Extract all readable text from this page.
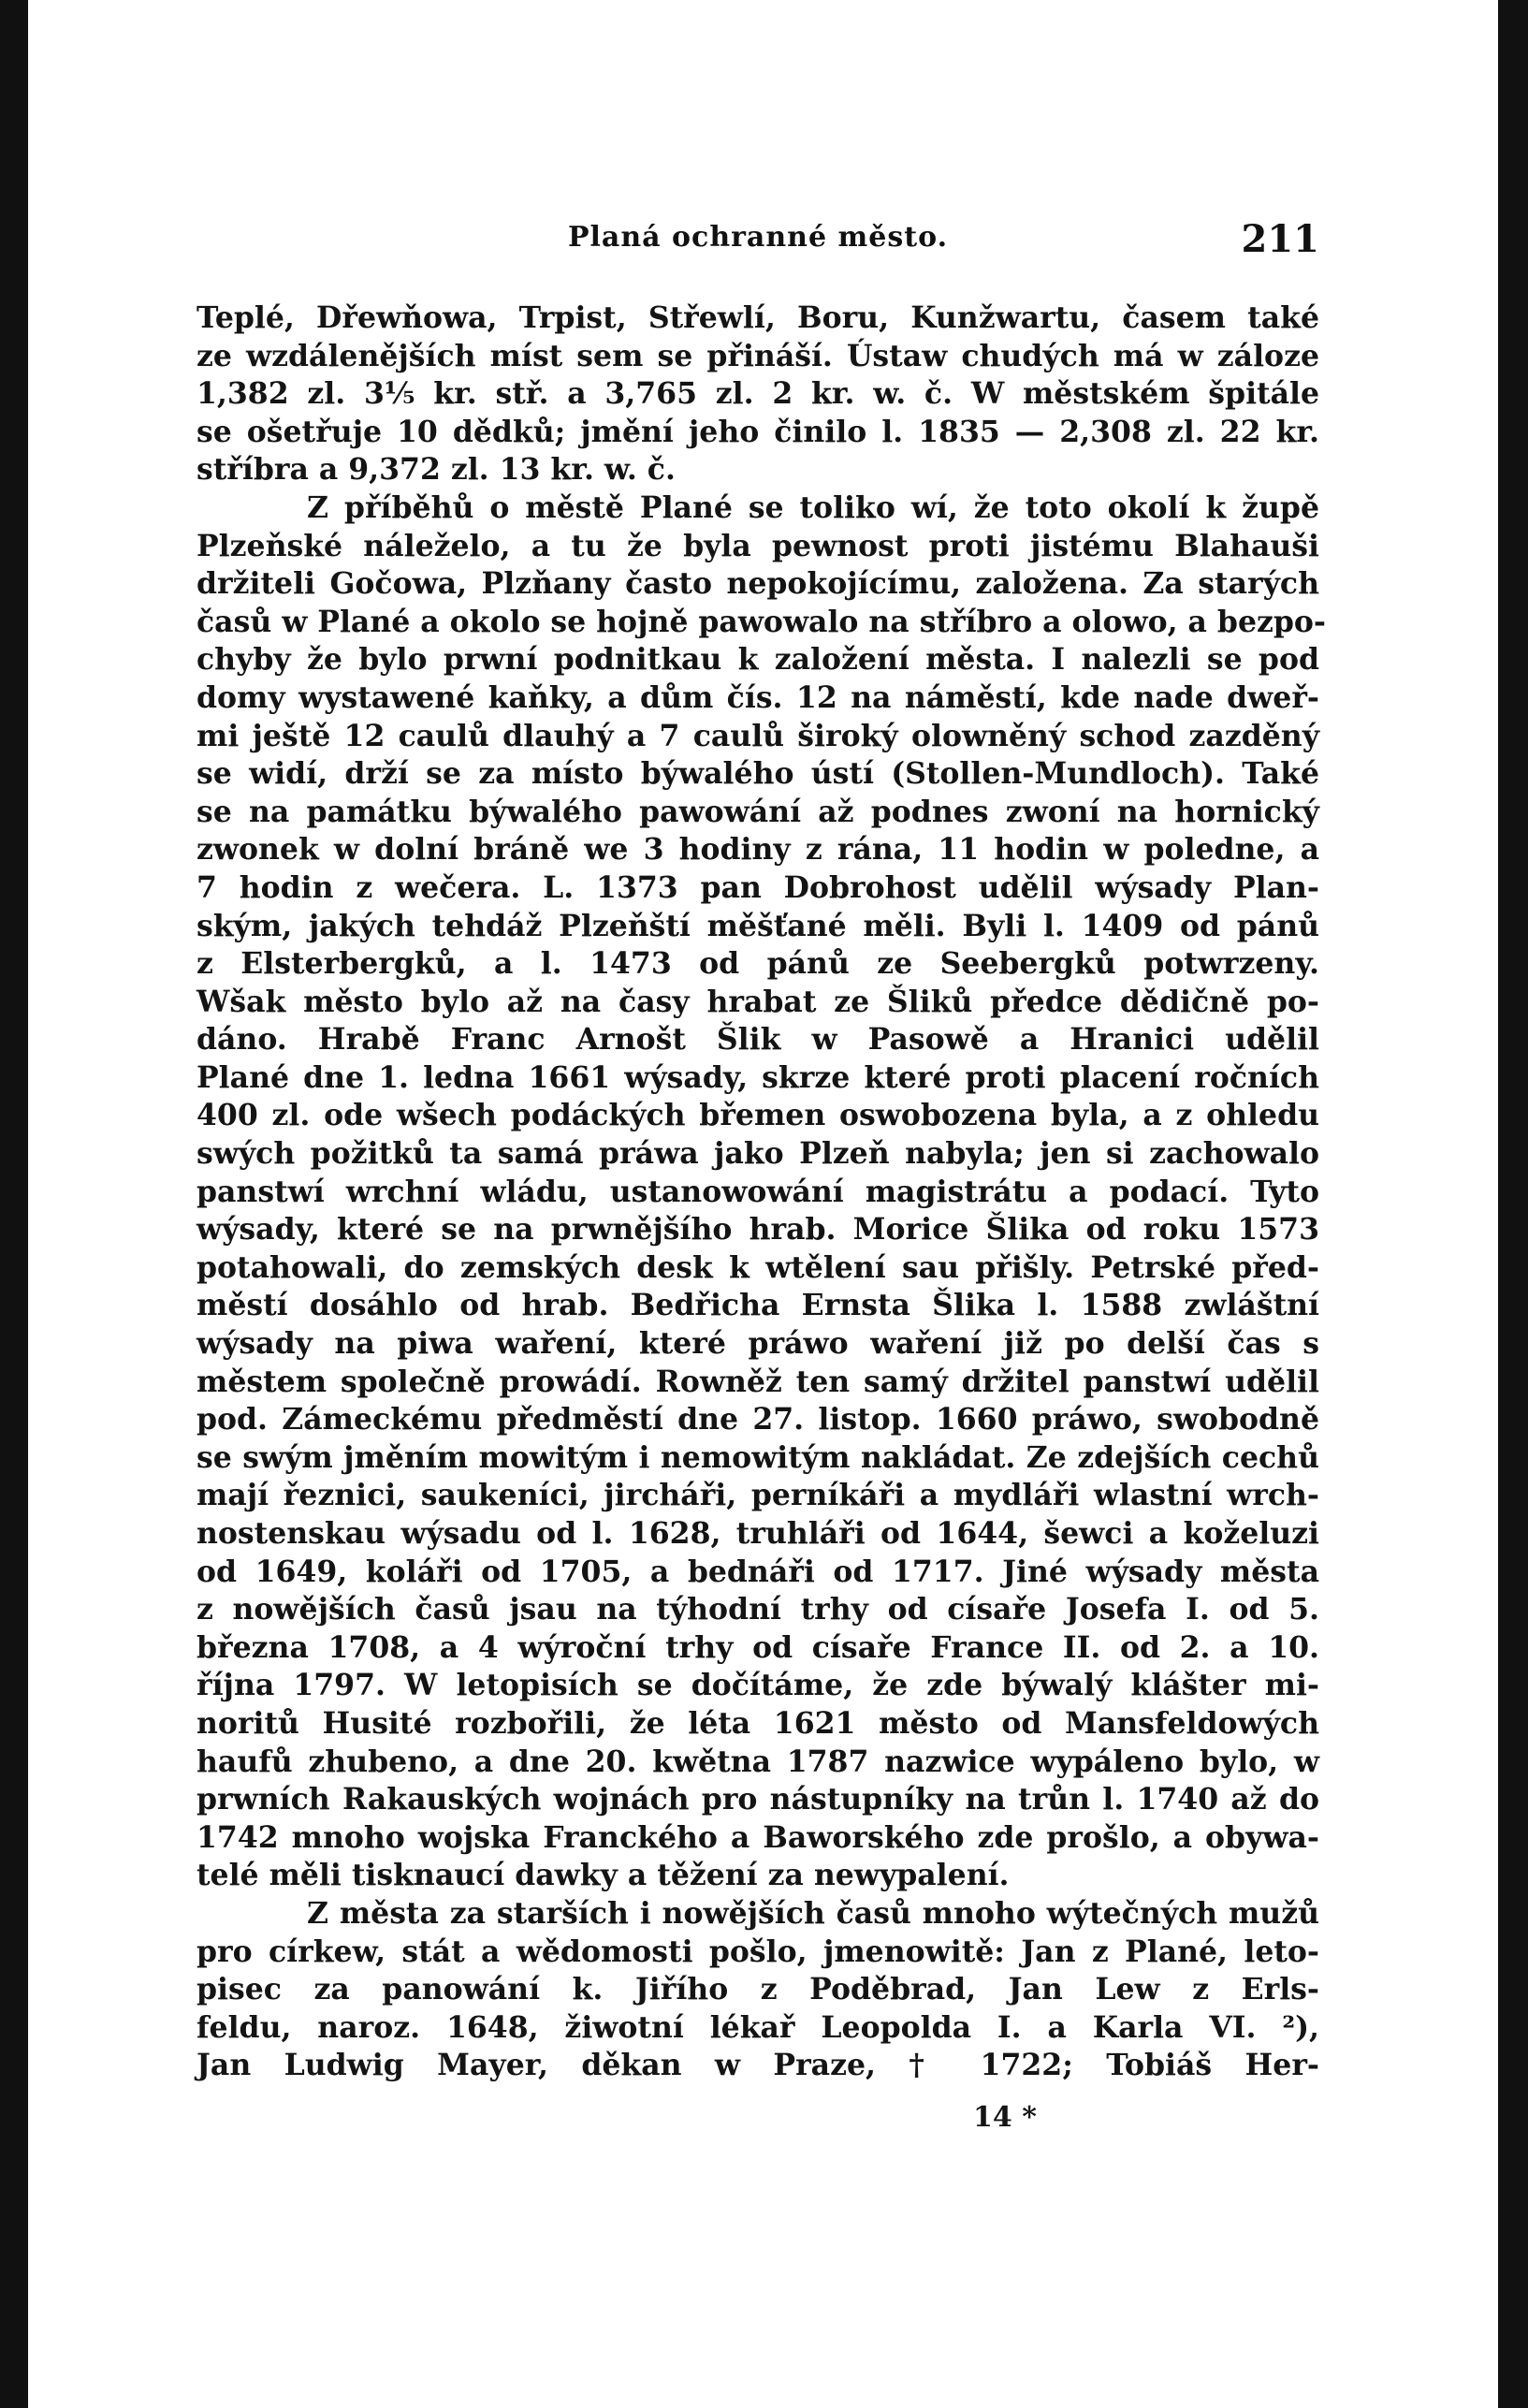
Planá ochranné město.	211
Teplé, Dřewňowa, Trpist, Střewlí, Boru, Kunžwartu, časem také
ze wzdálenějších míst sem se přináší. Ústaw chudých má w záloze
1,382 zl. 3⅕ kr. stř. a 3,765 zl. 2 kr. w. č. W městském špitále
se ošetřuje 10 dědků; jmění jeho činilo l. 1835 — 2,308 zl. 22 kr.
stříbra a 9,372 zl. 13 kr. w. č.
Z příběhů o městě Plané se toliko wí, že toto okolí k župě
Plzeňské náleželo, a tu že byla pewnost proti jistému Blahauši
držiteli Gočowa, Plzňany často nepokojícímu, založena. Za starých
časů w Plané a okolo se hojně pawowalo na stříbro a olowo, a bezpo-
chyby že bylo prwní podnitkau k založení města. I nalezli se pod
domy wystawené kaňky, a dům čís. 12 na náměstí, kde nade dweř-
mi ještě 12 caulů dlauhý a 7 caulů široký olowněný schod zazděný
se widí, drží se za místo býwalého ústí (Stollen-Mundloch). Také
se na památku býwalého pawowání až podnes zwoní na hornický
zwonek w dolní bráně we 3 hodiny z rána, 11 hodin w poledne, a
7 hodin z wečera. L. 1373 pan Dobrohost udělil wýsady Plan-
ským, jakých tehdáž Plzeňští měšťané měli. Byli l. 1409 od pánů
z Elsterbergků, a l. 1473 od pánů ze Seebergků potwrzeny.
Wšak město bylo až na časy hrabat ze Šliků předce dědičně po-
dáno. Hrabě Franc Arnošt Šlik w Pasowě a Hranici udělil
Plané dne 1. ledna 1661 wýsady, skrze které proti placení ročních
400 zl. ode wšech podáckých břemen oswobozena byla, a z ohledu
swých požitků ta samá práwa jako Plzeň nabyla; jen si zachowalo
panstwí wrchní wládu, ustanowowání magistrátu a podací. Tyto
wýsady, které se na prwnějšího hrab. Morice Šlika od roku 1573
potahowali, do zemských desk k wtělení sau přišly. Petrské před-
městí dosáhlo od hrab. Bedřicha Ernsta Šlika l. 1588 zwláštní
wýsady na piwa waření, které práwo waření již po delší čas s
městem společně prowádí. Rowněž ten samý držitel panstwí udělil
pod. Zámeckému předměstí dne 27. listop. 1660 práwo, swobodně
se swým jměním mowitým i nemowitým nakládat. Ze zdejších cechů
mají řeznici, saukeníci, jircháři, perníkáři a mydláři wlastní wrch-
nostenskau wýsadu od l. 1628, truhláři od 1644, šewci a koželuzi
od 1649, koláři od 1705, a bednáři od 1717. Jiné wýsady města
z nowějších časů jsau na týhodní trhy od císaře Josefa I. od 5.
března 1708, a 4 wýroční trhy od císaře France II. od 2. a 10.
října 1797. W letopisích se dočítáme, že zde býwalý klášter mi-
noritů Husité rozbořili, že léta 1621 město od Mansfeldowých
haufů zhubeno, a dne 20. kwětna 1787 nazwice wypáleno bylo, w
prwních Rakauských wojnách pro nástupníky na trůn l. 1740 až do
1742 mnoho wojska Franckého a Baworského zde prošlo, a obywa-
telé měli tisknaucí dawky a těžení za newypalení.
Z města za starších i nowějších časů mnoho wýtečných mužů
pro církew, stát a wědomosti pošlo, jmenowitě: Jan z Plané, leto-
pisec za panowání k. Jiřího z Poděbrad, Jan Lew z Erls-
feldu, naroz. 1648, žiwotní lékař Leopolda I. a Karla VI. ²),
Jan Ludwig Mayer, děkan w Praze, † 1722; Tobiáš Her-
14 *
